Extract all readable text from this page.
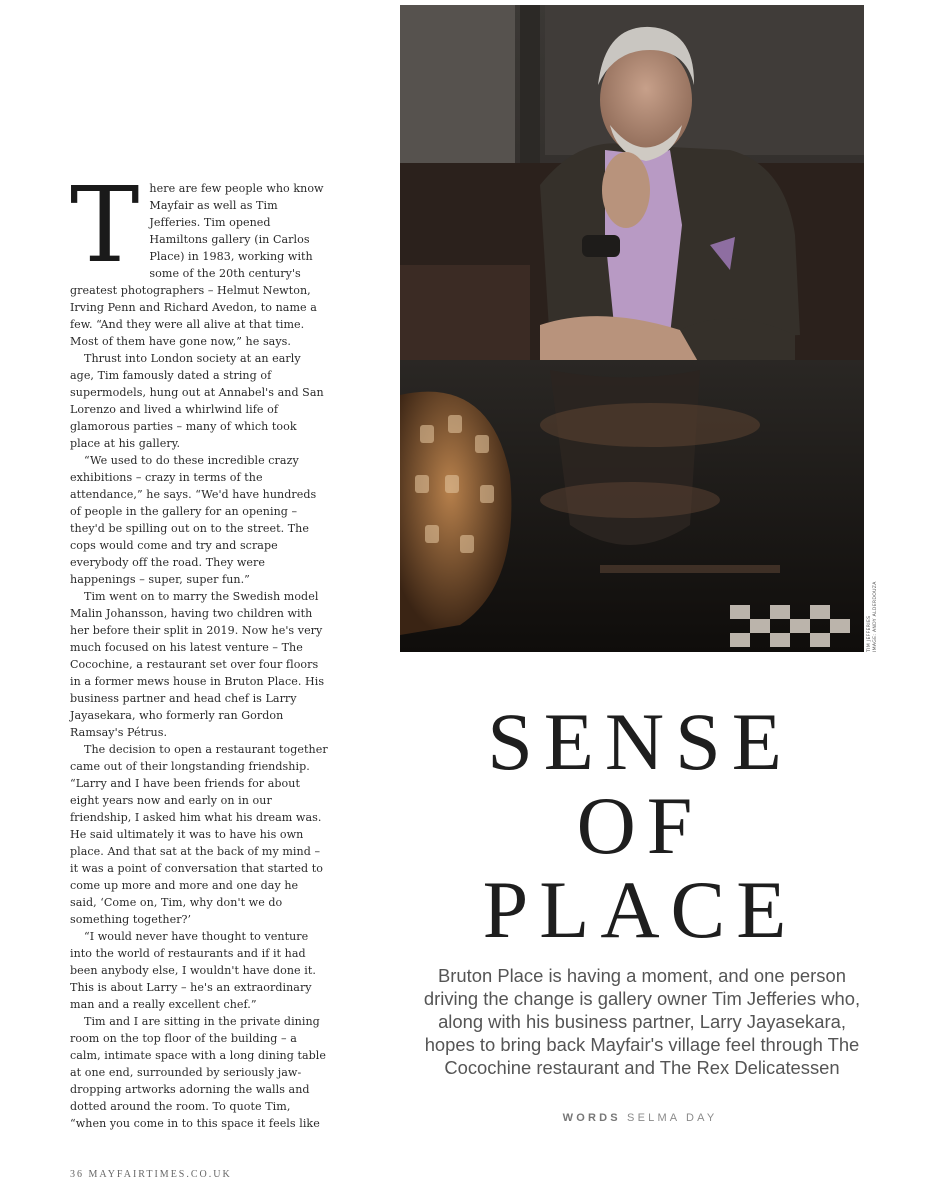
There are few people who know Mayfair as well as Tim Jefferies. Tim opened Hamiltons gallery (in Carlos Place) in 1983, working with some of the 20th century's greatest photographers – Helmut Newton, Irving Penn and Richard Avedon, to name a few. “And they were all alive at that time. Most of them have gone now,” he says.

Thrust into London society at an early age, Tim famously dated a string of supermodels, hung out at Annabel's and San Lorenzo and lived a whirlwind life of glamorous parties – many of which took place at his gallery.

“We used to do these incredible crazy exhibitions – crazy in terms of the attendance,” he says. “We'd have hundreds of people in the gallery for an opening – they'd be spilling out on to the street. The cops would come and try and scrape everybody off the road. They were happenings – super, super fun.”

Tim went on to marry the Swedish model Malin Johansson, having two children with her before their split in 2019. Now he's very much focused on his latest venture – The Cocochine, a restaurant set over four floors in a former mews house in Bruton Place. His business partner and head chef is Larry Jayasekara, who formerly ran Gordon Ramsay's Pétrus.

The decision to open a restaurant together came out of their longstanding friendship. “Larry and I have been friends for about eight years now and early on in our friendship, I asked him what his dream was. He said ultimately it was to have his own place. And that sat at the back of my mind – it was a point of conversation that started to come up more and more and one day he said, ‘Come on, Tim, why don't we do something together?’

“I would never have thought to venture into the world of restaurants and if it had been anybody else, I wouldn't have done it. This is about Larry – he's an extraordinary man and a really excellent chef.”

Tim and I are sitting in the private dining room on the top floor of the building – a calm, intimate space with a long dining table at one end, surrounded by seriously jaw-dropping artworks adorning the walls and dotted around the room. To quote Tim, “when you come in to this space it feels like

TIM JEFFERIES
IMAGE: ANDY ALDERDOUZA
SENSE
OF
PLACE
Bruton Place is having a moment, and one person driving the change is gallery owner Tim Jefferies who, along with his business partner, Larry Jayasekara, hopes to bring back Mayfair's village feel through The Cocochine restaurant and The Rex Delicatessen
WORDS SELMA DAY
36 MAYFAIRTIMES.CO.UK
